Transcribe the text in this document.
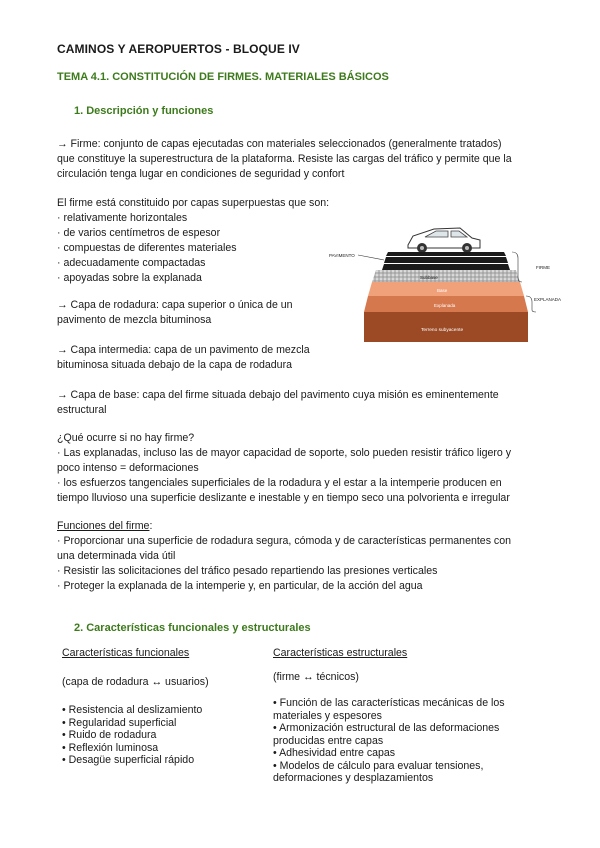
CAMINOS Y AEROPUERTOS - BLOQUE IV
TEMA 4.1. CONSTITUCIÓN DE FIRMES. MATERIALES BÁSICOS
1. Descripción y funciones
→ Firme: conjunto de capas ejecutadas con materiales seleccionados (generalmente tratados)
que constituye la superestructura de la plataforma. Resiste las cargas del tráfico y permite que la
circulación tenga lugar en condiciones de seguridad y confort
El firme está constituido por capas superpuestas que son:
· relativamente horizontales
· de varios centímetros de espesor
· compuestas de diferentes materiales
· adecuadamente compactadas
· apoyadas sobre la explanada
→ Capa de rodadura: capa superior o única de un
pavimento de mezcla bituminosa
→ Capa intermedia: capa de un pavimento de mezcla
bituminosa situada debajo de la capa de rodadura
→ Capa de base: capa del firme situada debajo del pavimento cuya misión es eminentemente
estructural
¿Qué ocurre si no hay firme?
· Las explanadas, incluso las de mayor capacidad de soporte, solo pueden resistir tráfico ligero y
poco intenso = deformaciones
· los esfuerzos tangenciales superficiales de la rodadura y el estar a la intemperie producen en
tiempo lluvioso una superficie deslizante e inestable y en tiempo seco una polvorienta e irregular
Funciones del firme:
· Proporcionar una superficie de rodadura segura, cómoda y de características permanentes con
una determinada vida útil
· Resistir las solicitaciones del tráfico pesado repartiendo las presiones verticales
· Proteger la explanada de la intemperie y, en particular, de la acción del agua
Subbase
Base
Explanada
Terreno subyacente
PAVIMENTO
FIRME
EXPLANADA
2. Características funcionales y estructurales
Características funcionales
(capa de rodadura ↔ usuarios)
• Resistencia al deslizamiento
• Regularidad superficial
• Ruido de rodadura
• Reflexión luminosa
• Desagüe superficial rápido
Características estructurales
(firme ↔ técnicos)
• Función de las características mecánicas de los
materiales y espesores
• Armonización estructural de las deformaciones
producidas entre capas
• Adhesividad entre capas
• Modelos de cálculo para evaluar tensiones,
deformaciones y desplazamientos
